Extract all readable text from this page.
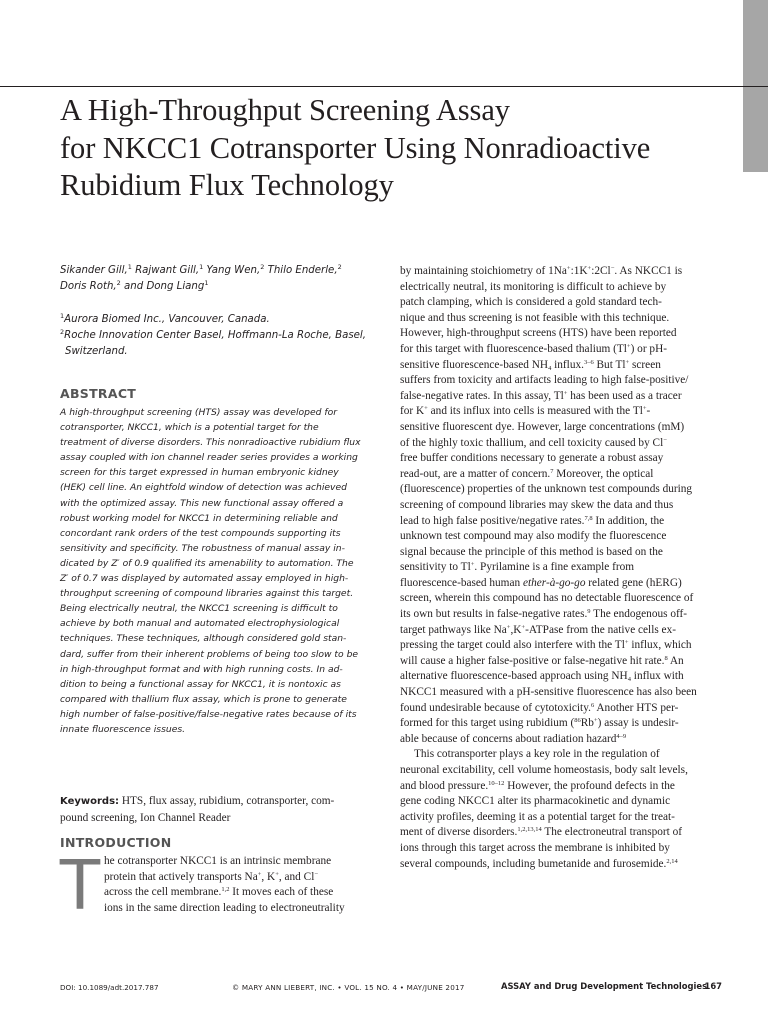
A High-Throughput Screening Assay
for NKCC1 Cotransporter Using Nonradioactive
Rubidium Flux Technology
Sikander Gill,$^1$ Rajwant Gill,$^1$ Yang Wen,$^2$ Thilo Enderle,$^2$
Doris Roth,$^2$ and Dong Liang$^1$
$^1$Aurora Biomed Inc., Vancouver, Canada.
$^2$Roche Innovation Center Basel, Hoffmann-La Roche, Basel,
Switzerland.
ABSTRACT
A high-throughput screening (HTS) assay was developed for
cotransporter, NKCC1, which is a potential target for the
treatment of diverse disorders. This nonradioactive rubidium flux
assay coupled with ion channel reader series provides a working
screen for this target expressed in human embryonic kidney
(HEK) cell line. An eightfold window of detection was achieved
with the optimized assay. This new functional assay offered a
robust working model for NKCC1 in determining reliable and
concordant rank orders of the test compounds supporting its
sensitivity and specificity. The robustness of manual assay in-
dicated by Z′ of 0.9 qualified its amenability to automation. The
Z′ of 0.7 was displayed by automated assay employed in high-
throughput screening of compound libraries against this target.
Being electrically neutral, the NKCC1 screening is difficult to
achieve by both manual and automated electrophysiological
techniques. These techniques, although considered gold stan-
dard, suffer from their inherent problems of being too slow to be
in high-throughput format and with high running costs. In ad-
dition to being a functional assay for NKCC1, it is nontoxic as
compared with thallium flux assay, which is prone to generate
high number of false-positive/false-negative rates because of its
innate fluorescence issues.
Keywords: HTS, flux assay, rubidium, cotransporter, com-
pound screening, Ion Channel Reader
INTRODUCTION
T he cotransporter NKCC1 is an intrinsic membrane
protein that actively transports Na+, K+, and Cl−
across the cell membrane.$^{1,2}$ It moves each of these
ions in the same direction leading to electroneutrality
by maintaining stoichiometry of 1Na+:1K+:2Cl−. As NKCC1 is
electrically neutral, its monitoring is difficult to achieve by
patch clamping, which is considered a gold standard tech-
nique and thus screening is not feasible with this technique.
However, high-throughput screens (HTS) have been reported
for this target with fluorescence-based thalium (Tl+) or pH-
sensitive fluorescence-based $NH_4$ influx.$^{3-6}$ But Tl+ screen
suffers from toxicity and artifacts leading to high false-positive/
false-negative rates. In this assay, Tl+ has been used as a tracer
for K+ and its influx into cells is measured with the Tl+-
sensitive fluorescent dye. However, large concentrations (mM)
of the highly toxic thallium, and cell toxicity caused by Cl−
free buffer conditions necessary to generate a robust assay
read-out, are a matter of concern.$^7$ Moreover, the optical
(fluorescence) properties of the unknown test compounds during
screening of compound libraries may skew the data and thus
lead to high false positive/negative rates.$^{7,8}$ In addition, the
unknown test compound may also modify the fluorescence
signal because the principle of this method is based on the
sensitivity to Tl+. Pyrilamine is a fine example from
fluorescence-based human ether-à-go-go related gene (hERG)
screen, wherein this compound has no detectable fluorescence of
its own but results in false-negative rates.$^9$ The endogenous off-
target pathways like Na+,K+-ATPase from the native cells ex-
pressing the target could also interfere with the Tl+ influx, which
will cause a higher false-positive or false-negative hit rate.$^8$ An
alternative fluorescence-based approach using $NH_4$ influx with
NKCC1 measured with a pH-sensitive fluorescence has also been
found undesirable because of cytotoxicity.$^6$ Another HTS per-
formed for this target using rubidium ($^{86}$Rb+) assay is undesir-
able because of concerns about radiation hazard$^{4-9}$
This cotransporter plays a key role in the regulation of
neuronal excitability, cell volume homeostasis, body salt levels,
and blood pressure.$^{10-12}$ However, the profound defects in the
gene coding NKCC1 alter its pharmacokinetic and dynamic
activity profiles, deeming it as a potential target for the treat-
ment of diverse disorders.$^{1,2,13,14}$ The electroneutral transport of
ions through this target across the membrane is inhibited by
several compounds, including bumetanide and furosemide.$^{2,14}$
DOI: 10.1089/adt.2017.787	© MARY ANN LIEBERT, INC. • VOL. 15 NO. 4 • MAY/JUNE 2017	ASSAY and Drug Development Technologies
167
